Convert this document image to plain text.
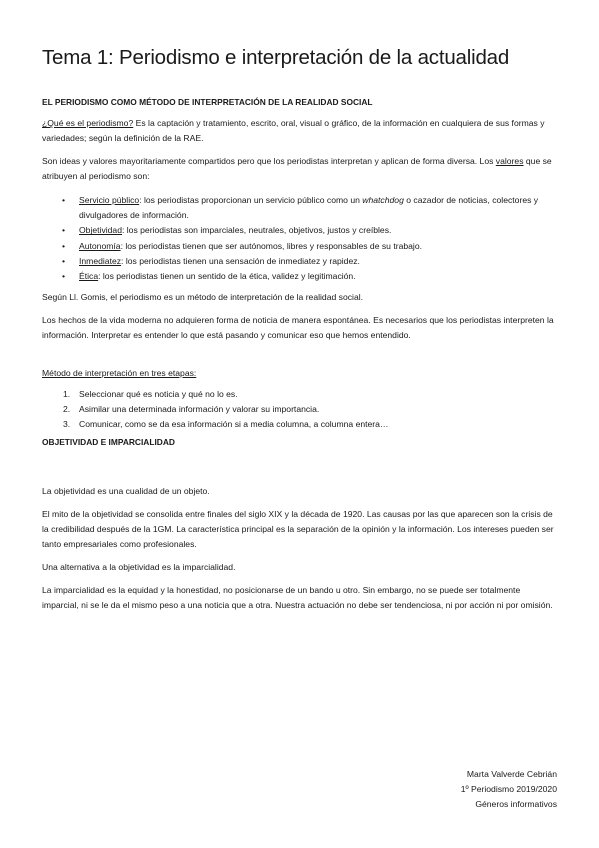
Tema 1: Periodismo e interpretación de la actualidad
EL PERIODISMO COMO MÉTODO DE INTERPRETACIÓN DE LA REALIDAD SOCIAL
¿Qué es el periodismo? Es la captación y tratamiento, escrito, oral, visual o gráfico, de la información en cualquiera de sus formas y variedades; según la definición de la RAE.
Son ideas y valores mayoritariamente compartidos pero que los periodistas interpretan y aplican de forma diversa. Los valores que se atribuyen al periodismo son:
• Servicio público: los periodistas proporcionan un servicio público como un whatchdog o cazador de noticias, colectores y divulgadores de información.
• Objetividad: los periodistas son imparciales, neutrales, objetivos, justos y creíbles.
• Autonomía: los periodistas tienen que ser autónomos, libres y responsables de su trabajo.
• Inmediatez: los periodistas tienen una sensación de inmediatez y rapidez.
• Ética: los periodistas tienen un sentido de la ética, validez y legitimación.
Según Ll. Gomis, el periodismo es un método de interpretación de la realidad social.
Los hechos de la vida moderna no adquieren forma de noticia de manera espontánea. Es necesarios que los periodistas interpreten la información. Interpretar es entender lo que está pasando y comunicar eso que hemos entendido.
Método de interpretación en tres etapas:
1. Seleccionar qué es noticia y qué no lo es.
2. Asimilar una determinada información y valorar su importancia.
3. Comunicar, como se da esa información si a media columna, a columna entera…
OBJETIVIDAD E IMPARCIALIDAD
La objetividad es una cualidad de un objeto.
El mito de la objetividad se consolida entre finales del siglo XIX y la década de 1920. Las causas por las que aparecen son la crisis de la credibilidad después de la 1GM. La característica principal es la separación de la opinión y la información. Los intereses pueden ser tanto empresariales como profesionales.
Una alternativa a la objetividad es la imparcialidad.
La imparcialidad es la equidad y la honestidad, no posicionarse de un bando u otro. Sin embargo, no se puede ser totalmente imparcial, ni se le da el mismo peso a una noticia que a otra. Nuestra actuación no debe ser tendenciosa, ni por acción ni por omisión.
Marta Valverde Cebrián
1º Periodismo 2019/2020
Géneros informativos
